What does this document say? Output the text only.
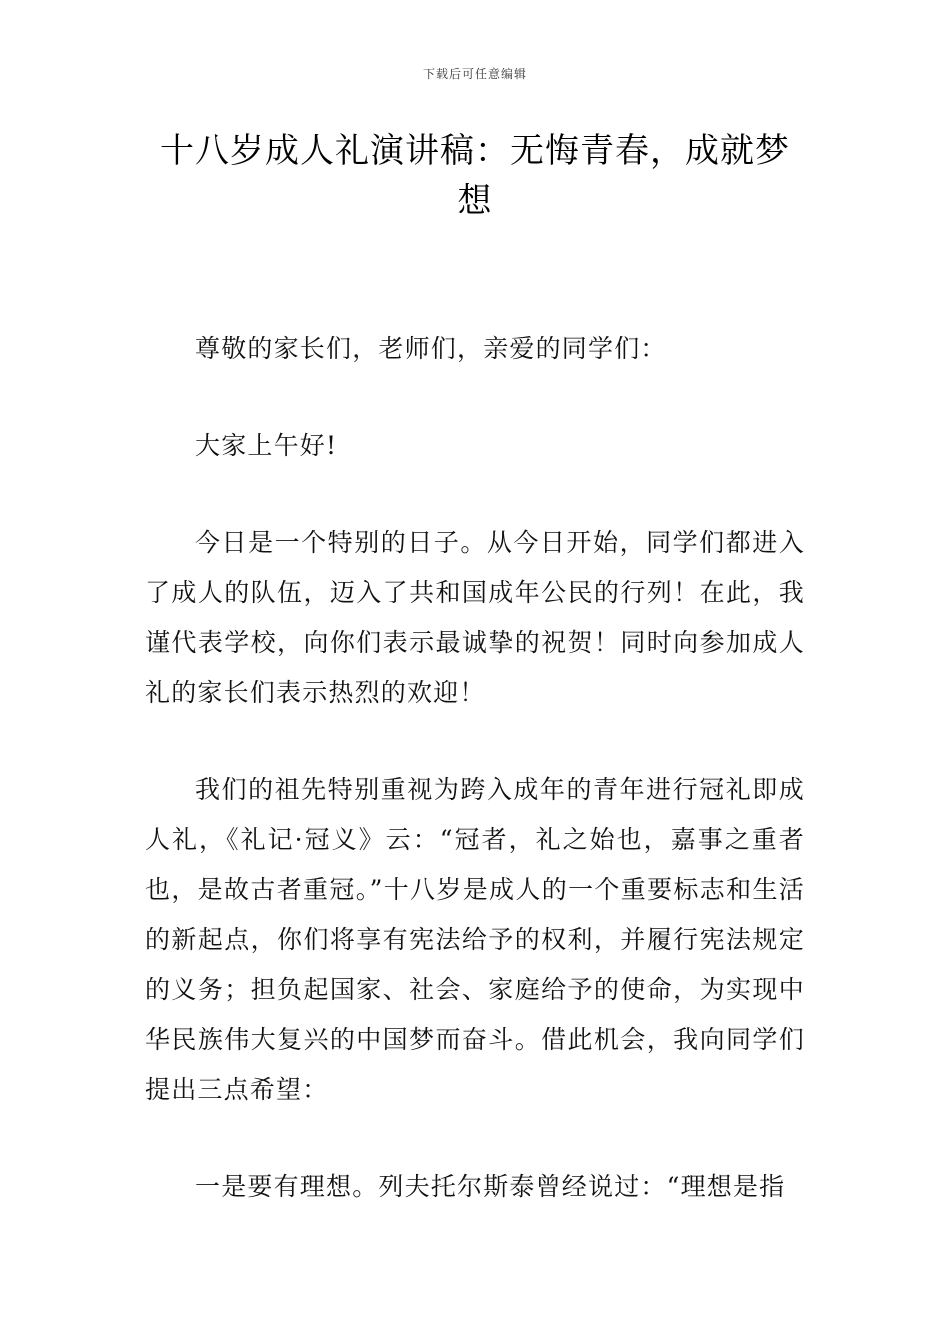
下载后可任意编辑
十八岁成人礼演讲稿：无悔青春，成就梦想

尊敬的家长们，老师们，亲爱的同学们：

大家上午好!

今日是一个特别的日子。从今日开始，同学们都进入了成人的队伍，迈入了共和国成年公民的行列！在此，我谨代表学校，向你们表示最诚挚的祝贺！同时向参加成人礼的家长们表示热烈的欢迎！

我们的祖先特别重视为跨入成年的青年进行冠礼即成人礼，《礼记·冠义》云：“冠者，礼之始也，嘉事之重者也，是故古者重冠。”十八岁是成人的一个重要标志和生活的新起点，你们将享有宪法给予的权利，并履行宪法规定的义务；担负起国家、社会、家庭给予的使命，为实现中华民族伟大复兴的中国梦而奋斗。借此机会，我向同学们提出三点希望：

一是要有理想。列夫托尔斯泰曾经说过：“理想是指
